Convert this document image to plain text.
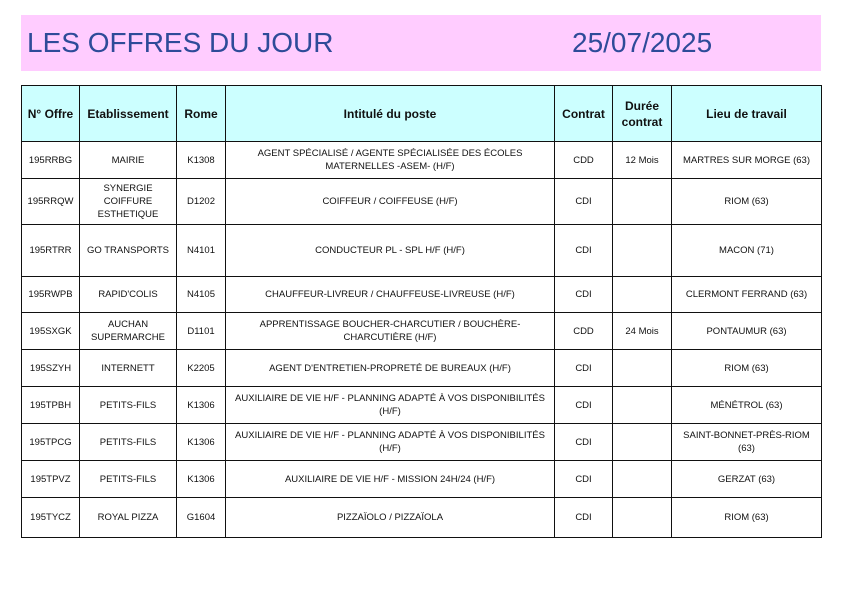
LES OFFRES DU JOUR	25/07/2025
N° Offre	Etablissement	Rome	Intitulé du poste	Contrat	Durée contrat	Lieu de travail
195RRBG	MAIRIE	K1308	AGENT SPÉCIALISÉ / AGENTE SPÉCIALISÉE DES ÉCOLES MATERNELLES -ASEM- (H/F)	CDD	12 Mois	MARTRES SUR MORGE (63)
195RRQW	SYNERGIE COIFFURE ESTHETIQUE	D1202	COIFFEUR / COIFFEUSE (H/F)	CDI		RIOM (63)
195RTRR	GO TRANSPORTS	N4101	CONDUCTEUR PL - SPL H/F (H/F)	CDI		MACON (71)
195RWPB	RAPID'COLIS	N4105	CHAUFFEUR-LIVREUR / CHAUFFEUSE-LIVREUSE (H/F)	CDI		CLERMONT FERRAND (63)
195SXGK	AUCHAN SUPERMARCHE	D1101	APPRENTISSAGE BOUCHER-CHARCUTIER / BOUCHÈRE-CHARCUTIÈRE (H/F)	CDD	24 Mois	PONTAUMUR (63)
195SZYH	INTERNETT	K2205	AGENT D'ENTRETIEN-PROPRETÉ DE BUREAUX (H/F)	CDI		RIOM (63)
195TPBH	PETITS-FILS	K1306	AUXILIAIRE DE VIE H/F - PLANNING ADAPTÉ À VOS DISPONIBILITÉS (H/F)	CDI		MÉNÉTROL (63)
195TPCG	PETITS-FILS	K1306	AUXILIAIRE DE VIE H/F - PLANNING ADAPTÉ À VOS DISPONIBILITÉS (H/F)	CDI		SAINT-BONNET-PRÈS-RIOM (63)
195TPVZ	PETITS-FILS	K1306	AUXILIAIRE DE VIE H/F - MISSION 24H/24 (H/F)	CDI		GERZAT (63)
195TYCZ	ROYAL PIZZA	G1604	PIZZAÏOLO / PIZZAÏOLA	CDI		RIOM (63)
